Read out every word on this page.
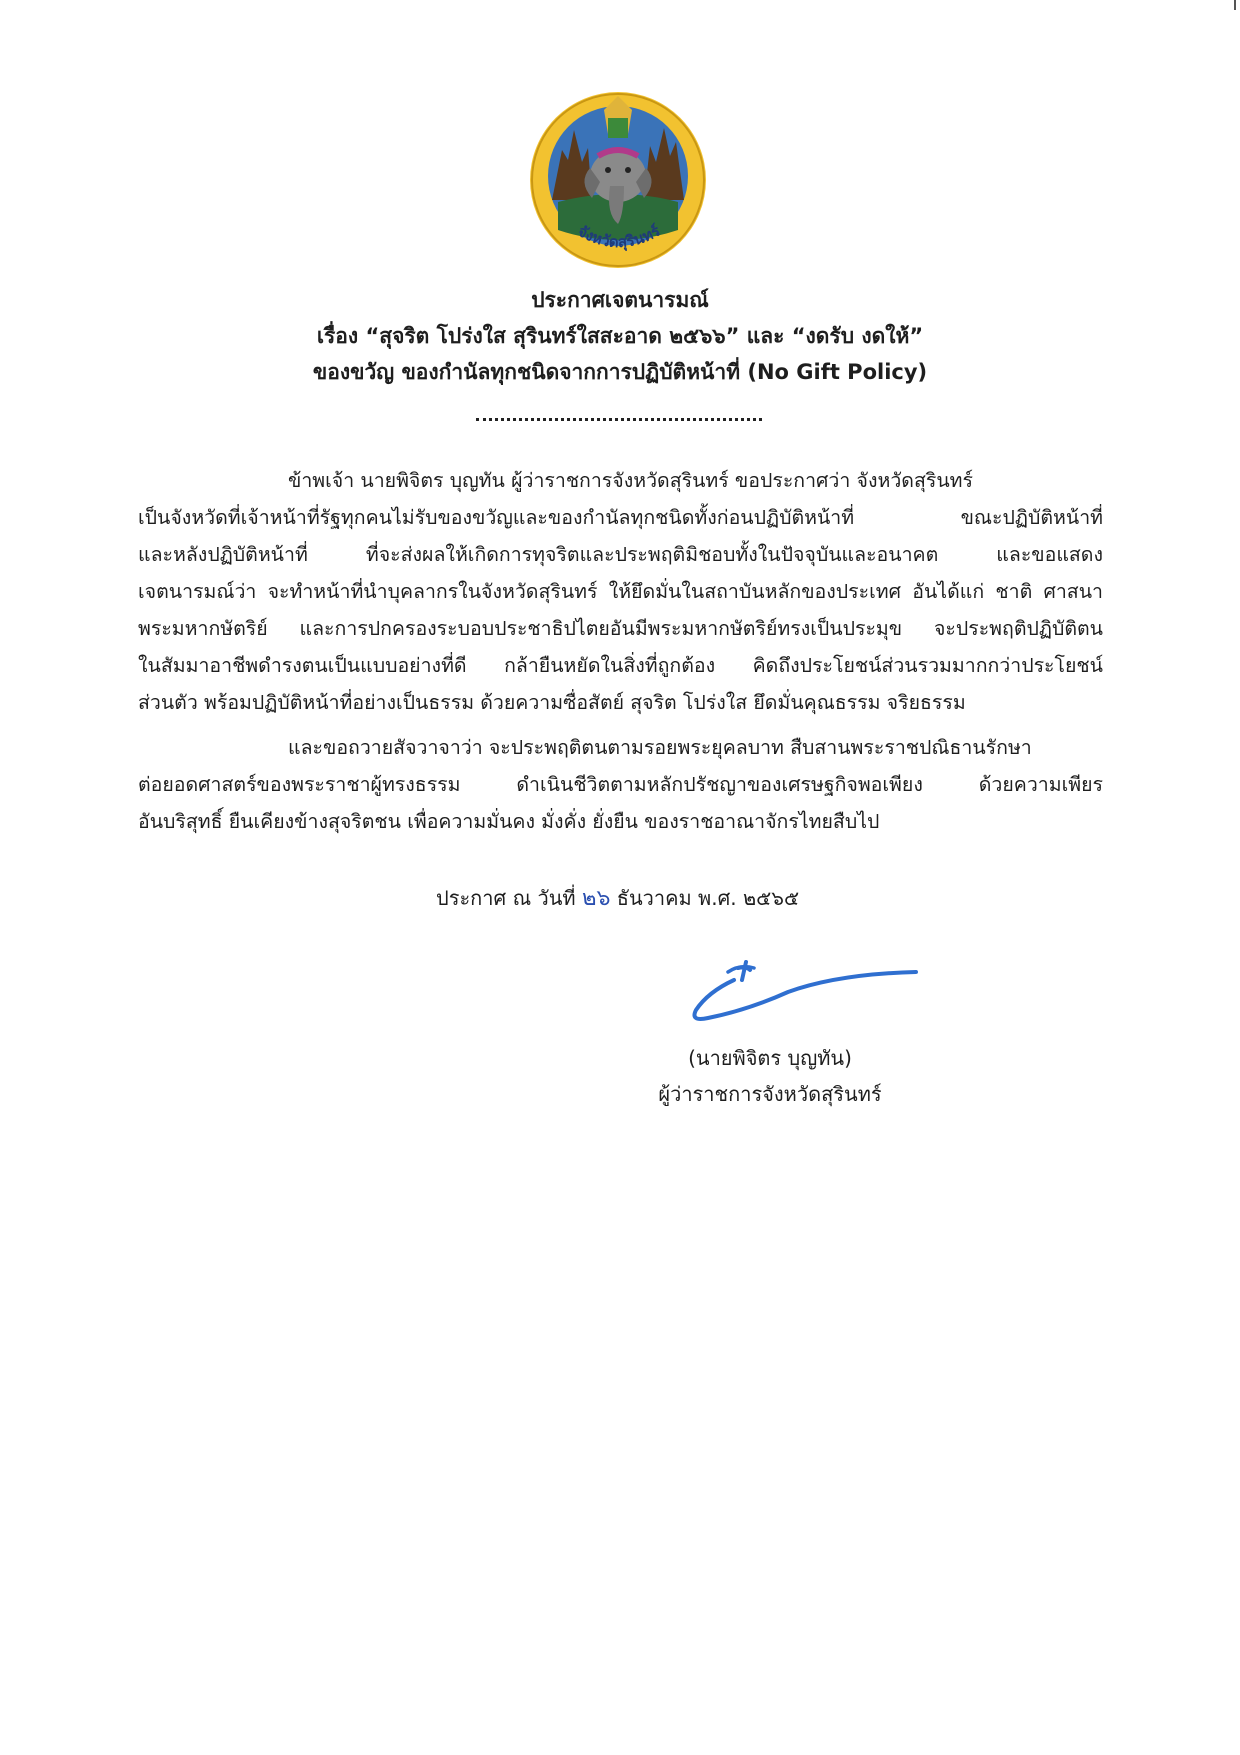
จังหวัดสุรินทร์
ประกาศเจตนารมณ์
เรื่อง “สุจริต โปร่งใส สุรินทร์ใสสะอาด ๒๕๖๖” และ “งดรับ งดให้”
ของขวัญ ของกำนัลทุกชนิดจากการปฏิบัติหน้าที่ (No Gift Policy)
ข้าพเจ้า นายพิจิตร บุญทัน ผู้ว่าราชการจังหวัดสุรินทร์ ขอประกาศว่า จังหวัดสุรินทร์
เป็นจังหวัดที่เจ้าหน้าที่รัฐทุกคนไม่รับของขวัญและของกำนัลทุกชนิดทั้งก่อนปฏิบัติหน้าที่ ขณะปฏิบัติหน้าที่
และหลังปฏิบัติหน้าที่ ที่จะส่งผลให้เกิดการทุจริตและประพฤติมิชอบทั้งในปัจจุบันและอนาคต และขอแสดง
เจตนารมณ์ว่า จะทำหน้าที่นำบุคลากรในจังหวัดสุรินทร์ ให้ยึดมั่นในสถาบันหลักของประเทศ อันได้แก่ ชาติ ศาสนา
พระมหากษัตริย์ และการปกครองระบอบประชาธิปไตยอันมีพระมหากษัตริย์ทรงเป็นประมุข จะประพฤติปฏิบัติตน
ในสัมมาอาชีพดำรงตนเป็นแบบอย่างที่ดี กล้ายืนหยัดในสิ่งที่ถูกต้อง คิดถึงประโยชน์ส่วนรวมมากกว่าประโยชน์
ส่วนตัว พร้อมปฏิบัติหน้าที่อย่างเป็นธรรม ด้วยความซื่อสัตย์ สุจริต โปร่งใส ยึดมั่นคุณธรรม จริยธรรม
และขอถวายสัจวาจาว่า จะประพฤติตนตามรอยพระยุคลบาท สืบสานพระราชปณิธานรักษา
ต่อยอดศาสตร์ของพระราชาผู้ทรงธรรม ดำเนินชีวิตตามหลักปรัชญาของเศรษฐกิจพอเพียง ด้วยความเพียร
อันบริสุทธิ์ ยืนเคียงข้างสุจริตชน เพื่อความมั่นคง มั่งคั่ง ยั่งยืน ของราชอาณาจักรไทยสืบไป
ประกาศ ณ วันที่ ๒๖ ธันวาคม พ.ศ. ๒๕๖๕
(นายพิจิตร บุญทัน)
ผู้ว่าราชการจังหวัดสุรินทร์
